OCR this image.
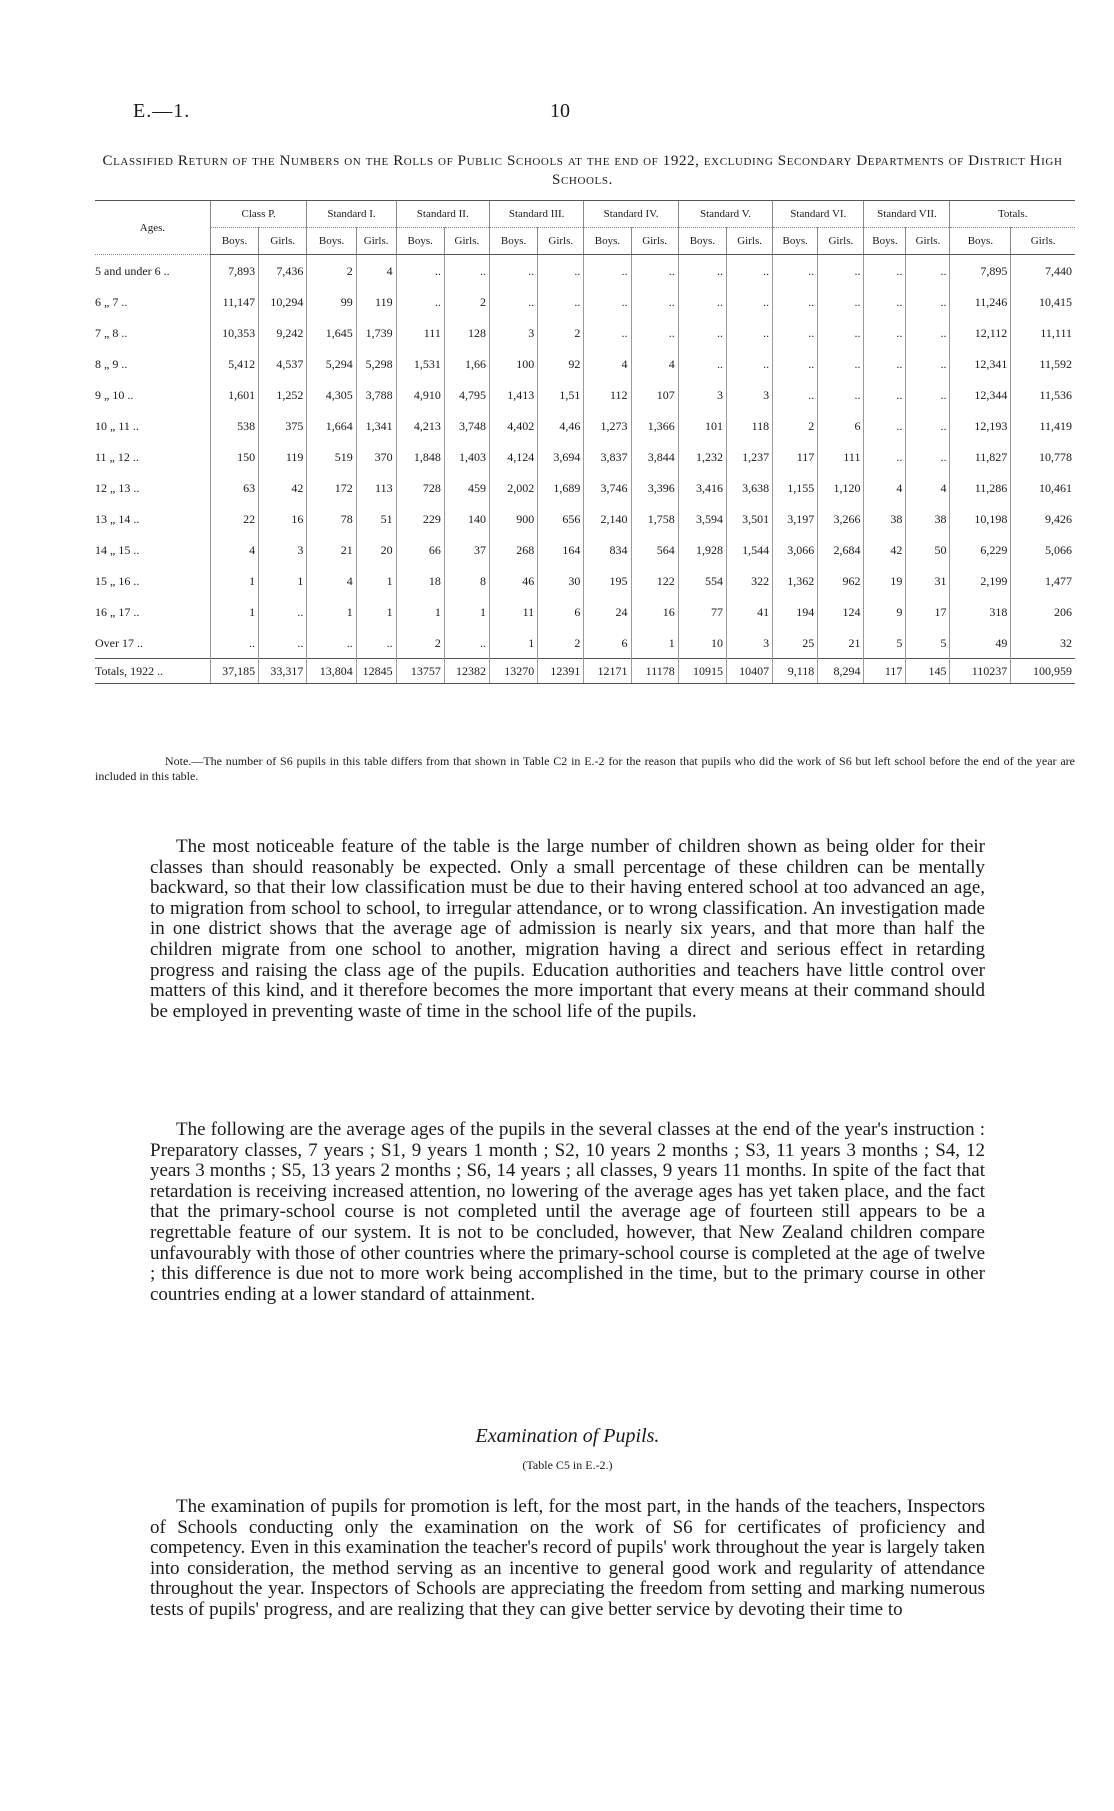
E.—1.	10
Classified Return of the Numbers on the Rolls of Public Schools at the end of 1922, excluding Secondary Departments of District High Schools.
Ages.	Class P.		Standard I.		Standard II.		Standard III.		Standard IV.		Standard V.		Standard VI.		Standard VII.		Totals.	
	Boys.	Girls.	Boys.	Girls.	Boys.	Girls.	Boys.	Girls.	Boys.	Girls.	Boys.	Girls.	Boys.	Girls.	Boys.	Girls.	Boys.	Girls.
5 and under 6 ..	7,893	7,436	2	4	..	..	..	..	..	..	..	..	..	..	..	..	7,895	7,440
6 „ 7 ..	11,147	10,294	99	119	..	2	..	..	..	..	..	..	..	..	..	..	11,246	10,415
7 „ 8 ..	10,353	9,242	1,645	1,739	111	128	3	2	..	..	..	..	..	..	..	..	12,112	11,111
8 „ 9 ..	5,412	4,537	5,294	5,298	1,531	1,66	100	92	4	4	..	..	..	..	..	..	12,341	11,592
9 „ 10 ..	1,601	1,252	4,305	3,788	4,910	4,795	1,413	1,51	112	107	3	3	..	..	..	..	12,344	11,536
10 „ 11 ..	538	375	1,664	1,341	4,213	3,748	4,402	4,46	1,273	1,366	101	118	2	6	..	..	12,193	11,419
11 „ 12 ..	150	119	519	370	1,848	1,403	4,124	3,694	3,837	3,844	1,232	1,237	117	111	..	..	11,827	10,778
12 „ 13 ..	63	42	172	113	728	459	2,002	1,689	3,746	3,396	3,416	3,638	1,155	1,120	4	4	11,286	10,461
13 „ 14 ..	22	16	78	51	229	140	900	656	2,140	1,758	3,594	3,501	3,197	3,266	38	38	10,198	9,426
14 „ 15 ..	4	3	21	20	66	37	268	164	834	564	1,928	1,544	3,066	2,684	42	50	6,229	5,066
15 „ 16 ..	1	1	4	1	18	8	46	30	195	122	554	322	1,362	962	19	31	2,199	1,477
16 „ 17 ..	1	..	1	1	1	1	11	6	24	16	77	41	194	124	9	17	318	206
Over 17 ..	..	..	..	..	2	..	1	2	6	1	10	3	25	21	5	5	49	32
Totals, 1922 ..	37,185	33,317	13,804	12845	13757	12382	13270	12391	12171	11178	10915	10407	9,118	8,294	117	145	110237	100,959
Note.—The number of S6 pupils in this table differs from that shown in Table C2 in E.-2 for the reason that pupils who did the work of S6 but left school before the end of the year are included in this table.

The most noticeable feature of the table is the large number of children shown as being older for their classes than should reasonably be expected. Only a small percentage of these children can be mentally backward, so that their low classification must be due to their having entered school at too advanced an age, to migration from school to school, to irregular attendance, or to wrong classification. An investigation made in one district shows that the average age of admission is nearly six years, and that more than half the children migrate from one school to another, migration having a direct and serious effect in retarding progress and raising the class age of the pupils. Education authorities and teachers have little control over matters of this kind, and it therefore becomes the more important that every means at their command should be employed in preventing waste of time in the school life of the pupils.

The following are the average ages of the pupils in the several classes at the end of the year's instruction : Preparatory classes, 7 years ; S1, 9 years 1 month ; S2, 10 years 2 months ; S3, 11 years 3 months ; S4, 12 years 3 months ; S5, 13 years 2 months ; S6, 14 years ; all classes, 9 years 11 months. In spite of the fact that retardation is receiving increased attention, no lowering of the average ages has yet taken place, and the fact that the primary-school course is not completed until the average age of fourteen still appears to be a regrettable feature of our system. It is not to be concluded, however, that New Zealand children compare unfavourably with those of other countries where the primary-school course is completed at the age of twelve ; this difference is due not to more work being accomplished in the time, but to the primary course in other countries ending at a lower standard of attainment.

Examination of Pupils.
(Table C5 in E.-2.)

The examination of pupils for promotion is left, for the most part, in the hands of the teachers, Inspectors of Schools conducting only the examination on the work of S6 for certificates of proficiency and competency. Even in this examination the teacher's record of pupils' work throughout the year is largely taken into consideration, the method serving as an incentive to general good work and regularity of attendance throughout the year. Inspectors of Schools are appreciating the freedom from setting and marking numerous tests of pupils' progress, and are realizing that they can give better service by devoting their time to
